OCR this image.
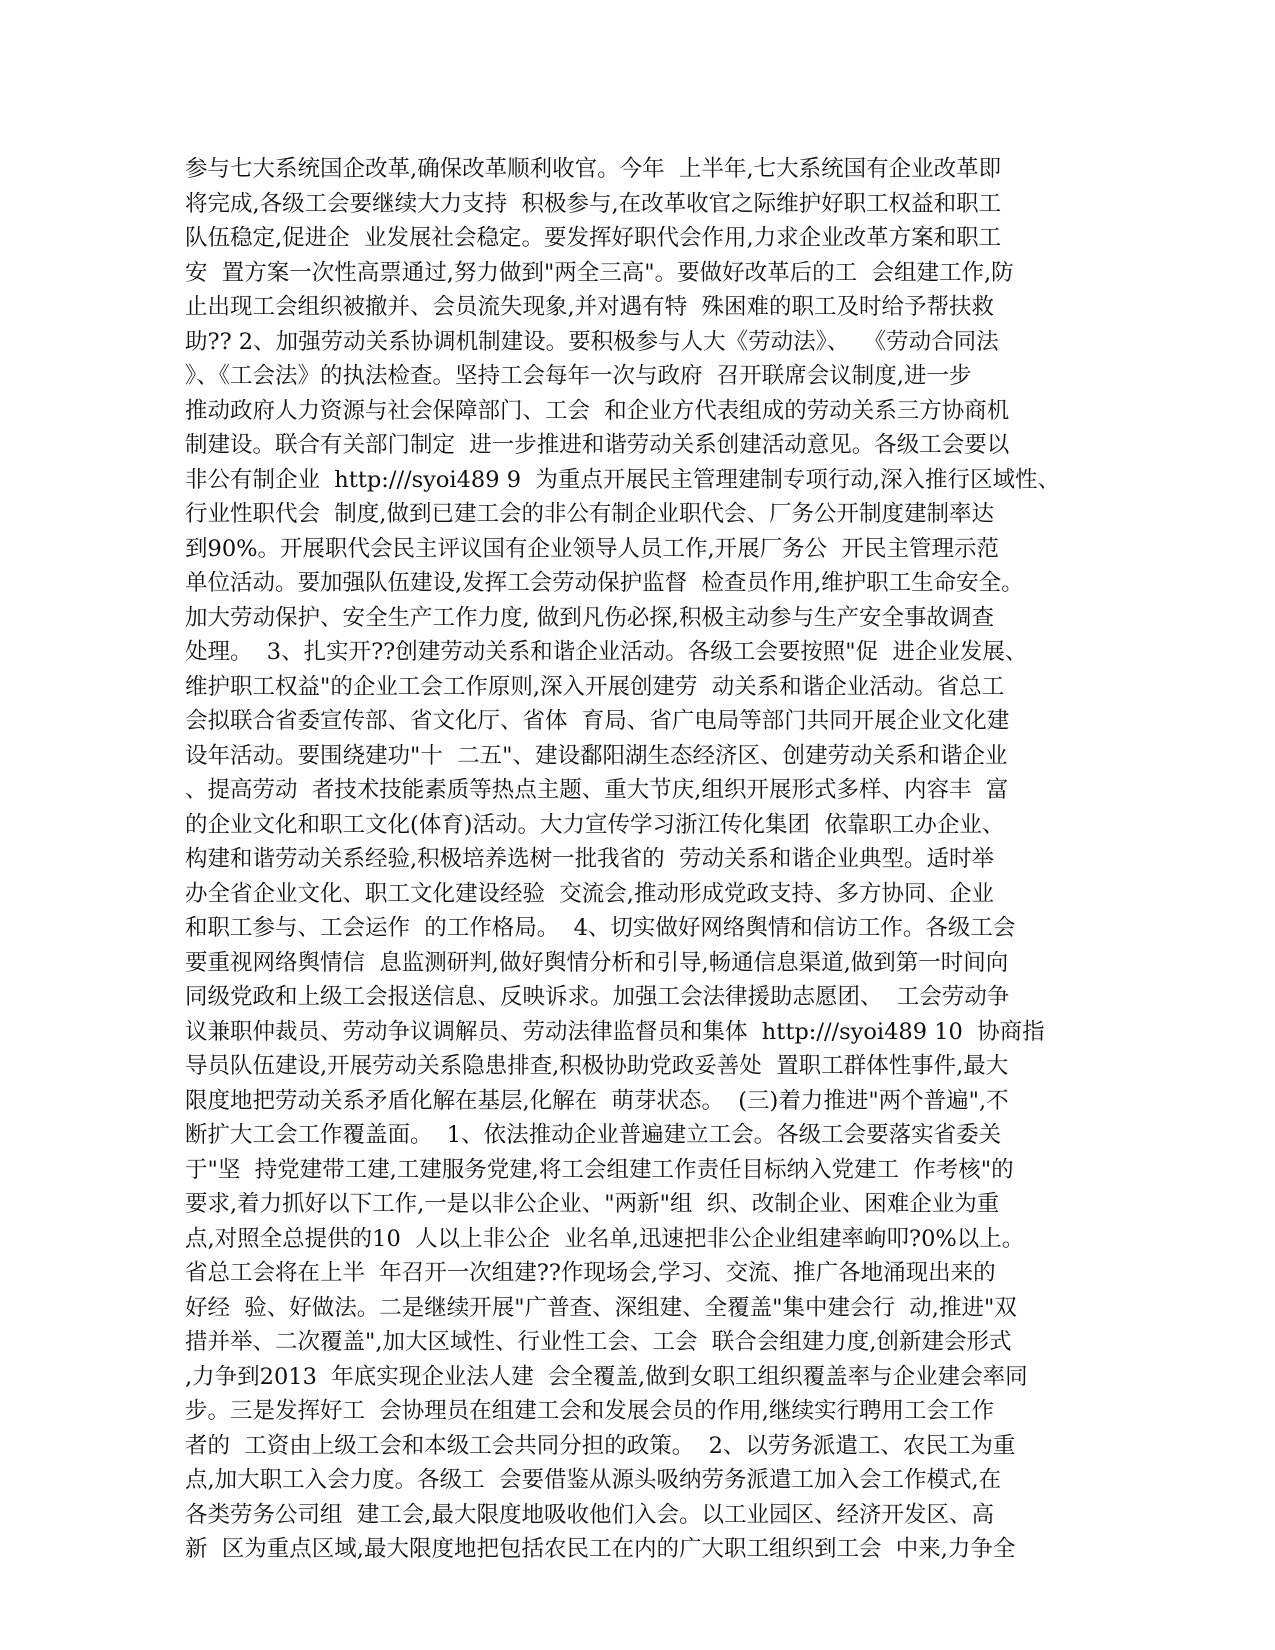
参与七大系统国企改革,确保改革顺利收官。今年  上半年,七大系统国有企业改革即
将完成,各级工会要继续大力支持  积极参与,在改革收官之际维护好职工权益和职工
队伍稳定,促进企  业发展社会稳定。要发挥好职代会作用,力求企业改革方案和职工
安  置方案一次性高票通过,努力做到"两全三高"。要做好改革后的工  会组建工作,防
止出现工会组织被撤并、会员流失现象,并对遇有特  殊困难的职工及时给予帮扶救
助?? 2、加强劳动关系协调机制建设。要积极参与人大《劳动法》、  《劳动合同法
》、《工会法》的执法检查。坚持工会每年一次与政府  召开联席会议制度,进一步
推动政府人力资源与社会保障部门、工会  和企业方代表组成的劳动关系三方协商机
制建设。联合有关部门制定  进一步推进和谐劳动关系创建活动意见。各级工会要以
非公有制企业  http:///syoi489 9  为重点开展民主管理建制专项行动,深入推行区域性、
行业性职代会  制度,做到已建工会的非公有制企业职代会、厂务公开制度建制率达
到90%。开展职代会民主评议国有企业领导人员工作,开展厂务公  开民主管理示范
单位活动。要加强队伍建设,发挥工会劳动保护监督  检查员作用,维护职工生命安全。
加大劳动保护、安全生产工作力度, 做到凡伤必探,积极主动参与生产安全事故调查
处理。  3、扎实开??创建劳动关系和谐企业活动。各级工会要按照"促  进企业发展、
维护职工权益"的企业工会工作原则,深入开展创建劳  动关系和谐企业活动。省总工
会拟联合省委宣传部、省文化厅、省体  育局、省广电局等部门共同开展企业文化建
设年活动。要围绕建功"十  二五"、建设鄱阳湖生态经济区、创建劳动关系和谐企业
、提高劳动  者技术技能素质等热点主题、重大节庆,组织开展形式多样、内容丰  富
的企业文化和职工文化(体育)活动。大力宣传学习浙江传化集团  依靠职工办企业、
构建和谐劳动关系经验,积极培养选树一批我省的  劳动关系和谐企业典型。适时举
办全省企业文化、职工文化建设经验  交流会,推动形成党政支持、多方协同、企业
和职工参与、工会运作  的工作格局。  4、切实做好网络舆情和信访工作。各级工会
要重视网络舆情信  息监测研判,做好舆情分析和引导,畅通信息渠道,做到第一时间向
同级党政和上级工会报送信息、反映诉求。加强工会法律援助志愿团、  工会劳动争
议兼职仲裁员、劳动争议调解员、劳动法律监督员和集体  http:///syoi489 10  协商指
导员队伍建设,开展劳动关系隐患排查,积极协助党政妥善处  置职工群体性事件,最大
限度地把劳动关系矛盾化解在基层,化解在  萌芽状态。  (三)着力推进"两个普遍",不
断扩大工会工作覆盖面。  1、依法推动企业普遍建立工会。各级工会要落实省委关
于"坚  持党建带工建,工建服务党建,将工会组建工作责任目标纳入党建工  作考核"的
要求,着力抓好以下工作,一是以非公企业、"两新"组  织、改制企业、困难企业为重
点,对照全总提供的10  人以上非公企  业名单,迅速把非公企业组建率岣叩?0%以上。
省总工会将在上半  年召开一次组建??作现场会,学习、交流、推广各地涌现出来的
好经  验、好做法。二是继续开展"广普查、深组建、全覆盖"集中建会行  动,推进"双
措并举、二次覆盖",加大区域性、行业性工会、工会  联合会组建力度,创新建会形式
,力争到2013  年底实现企业法人建  会全覆盖,做到女职工组织覆盖率与企业建会率同
步。三是发挥好工  会协理员在组建工会和发展会员的作用,继续实行聘用工会工作
者的  工资由上级工会和本级工会共同分担的政策。  2、以劳务派遣工、农民工为重
点,加大职工入会力度。各级工  会要借鉴从源头吸纳劳务派遣工加入会工作模式,在
各类劳务公司组  建工会,最大限度地吸收他们入会。以工业园区、经济开发区、高
新  区为重点区域,最大限度地把包括农民工在内的广大职工组织到工会  中来,力争全
